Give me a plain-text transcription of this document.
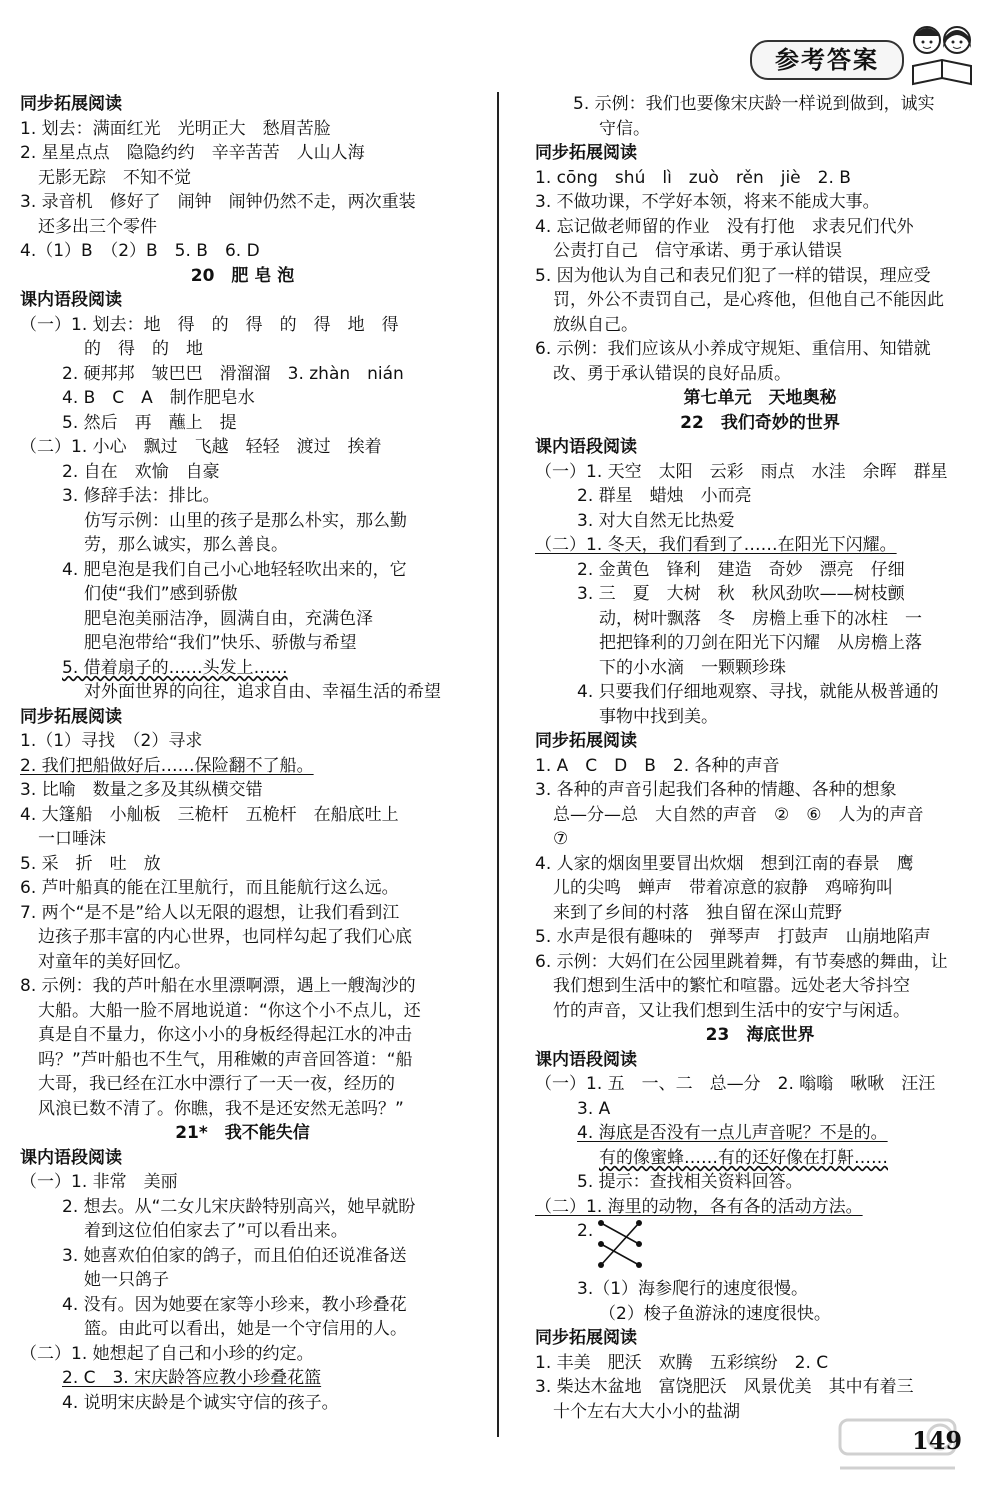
参考答案
同步拓展阅读
1. 划去：满面红光　光明正大　愁眉苦脸
2. 星星点点　隐隐约约　辛辛苦苦　人山人海
无影无踪　不知不觉
3. 录音机　修好了　闹钟　闹钟仍然不走，两次重装
还多出三个零件
4.（1）B　（2）B　5. B　6. D
20　肥 皂 泡
课内语段阅读
（一）1. 划去：地　得　的　得　的　得　地　得
的　得　的　地
2. 硬邦邦　皱巴巴　滑溜溜　3. zhàn　nián
4. B　C　A　制作肥皂水
5. 然后　再　蘸上　提
（二）1. 小心　飘过　飞越　轻轻　渡过　挨着
2. 自在　欢愉　自豪
3. 修辞手法：排比。
仿写示例：山里的孩子是那么朴实，那么勤
劳，那么诚实，那么善良。
4. 肥皂泡是我们自己小心地轻轻吹出来的，它
们使“我们”感到骄傲
肥皂泡美丽洁净，圆满自由，充满色泽
肥皂泡带给“我们”快乐、骄傲与希望
5. 借着扇子的……头发上……
对外面世界的向往，追求自由、幸福生活的希望
同步拓展阅读
1.（1）寻找　（2）寻求
2. 我们把船做好后……保险翻不了船。
3. 比喻　数量之多及其纵横交错
4. 大篷船　小舢板　三桅杆　五桅杆　在船底吐上
一口唾沫
5. 采　折　吐　放
6. 芦叶船真的能在江里航行，而且能航行这么远。
7. 两个“是不是”给人以无限的遐想，让我们看到江
边孩子那丰富的内心世界，也同样勾起了我们心底
对童年的美好回忆。
8. 示例：我的芦叶船在水里漂啊漂，遇上一艘淘沙的
大船。大船一脸不屑地说道：“你这个小不点儿，还
真是自不量力，你这小小的身板经得起江水的冲击
吗？”芦叶船也不生气，用稚嫩的声音回答道：“船
大哥，我已经在江水中漂行了一天一夜，经历的
风浪已数不清了。你瞧，我不是还安然无恙吗？”
21*　我不能失信
课内语段阅读
（一）1. 非常　美丽
2. 想去。从“二女儿宋庆龄特别高兴，她早就盼
着到这位伯伯家去了”可以看出来。
3. 她喜欢伯伯家的鸽子，而且伯伯还说准备送
她一只鸽子
4. 没有。因为她要在家等小珍来，教小珍叠花
篮。由此可以看出，她是一个守信用的人。
（二）1. 她想起了自己和小珍的约定。
2. C　3. 宋庆龄答应教小珍叠花篮
4. 说明宋庆龄是个诚实守信的孩子。
5. 示例：我们也要像宋庆龄一样说到做到，诚实
守信。
同步拓展阅读
1. cōng　shú　lì　zuò　rěn　jiè　2. B
3. 不做功课，不学好本领，将来不能成大事。
4. 忘记做老师留的作业　没有打他　求表兄们代外
公责打自己　信守承诺、勇于承认错误
5. 因为他认为自己和表兄们犯了一样的错误，理应受
罚，外公不责罚自己，是心疼他，但他自己不能因此
放纵自己。
6. 示例：我们应该从小养成守规矩、重信用、知错就
改、勇于承认错误的良好品质。
第七单元　天地奥秘
22　我们奇妙的世界
课内语段阅读
（一）1. 天空　太阳　云彩　雨点　水洼　余晖　群星
2. 群星　蜡烛　小而亮
3. 对大自然无比热爱
（二）1. 冬天，我们看到了……在阳光下闪耀。
2. 金黄色　锋利　建造　奇妙　漂亮　仔细
3. 三　夏　大树　秋　秋风劲吹——树枝颤
动，树叶飘落　冬　房檐上垂下的冰柱　一
把把锋利的刀剑在阳光下闪耀　从房檐上落
下的小水滴　一颗颗珍珠
4. 只要我们仔细地观察、寻找，就能从极普通的
事物中找到美。
同步拓展阅读
1. A　C　D　B　2. 各种的声音
3. 各种的声音引起我们各种的情趣、各种的想象
总—分—总　大自然的声音　②　⑥　人为的声音
⑦
4. 人家的烟囱里要冒出炊烟　想到江南的春景　鹰
儿的尖鸣　蝉声　带着凉意的寂静　鸡啼狗叫
来到了乡间的村落　独自留在深山荒野
5. 水声是很有趣味的　弹琴声　打鼓声　山崩地陷声
6. 示例：大妈们在公园里跳着舞，有节奏感的舞曲，让
我们想到生活中的繁忙和喧嚣。远处老大爷抖空
竹的声音，又让我们想到生活中的安宁与闲适。
23　海底世界
课内语段阅读
（一）1. 五　一、二　总—分　2. 嗡嗡　啾啾　汪汪
3. A
4. 海底是否没有一点儿声音呢？不是的。
有的像蜜蜂……有的还好像在打鼾……
5. 提示：查找相关资料回答。
（二）1. 海里的动物，各有各的活动方法。
2.
3.（1）海参爬行的速度很慢。
（2）梭子鱼游泳的速度很快。
同步拓展阅读
1. 丰美　肥沃　欢腾　五彩缤纷　2. C
3. 柴达木盆地　富饶肥沃　风景优美　其中有着三
十个左右大大小小的盐湖
149
